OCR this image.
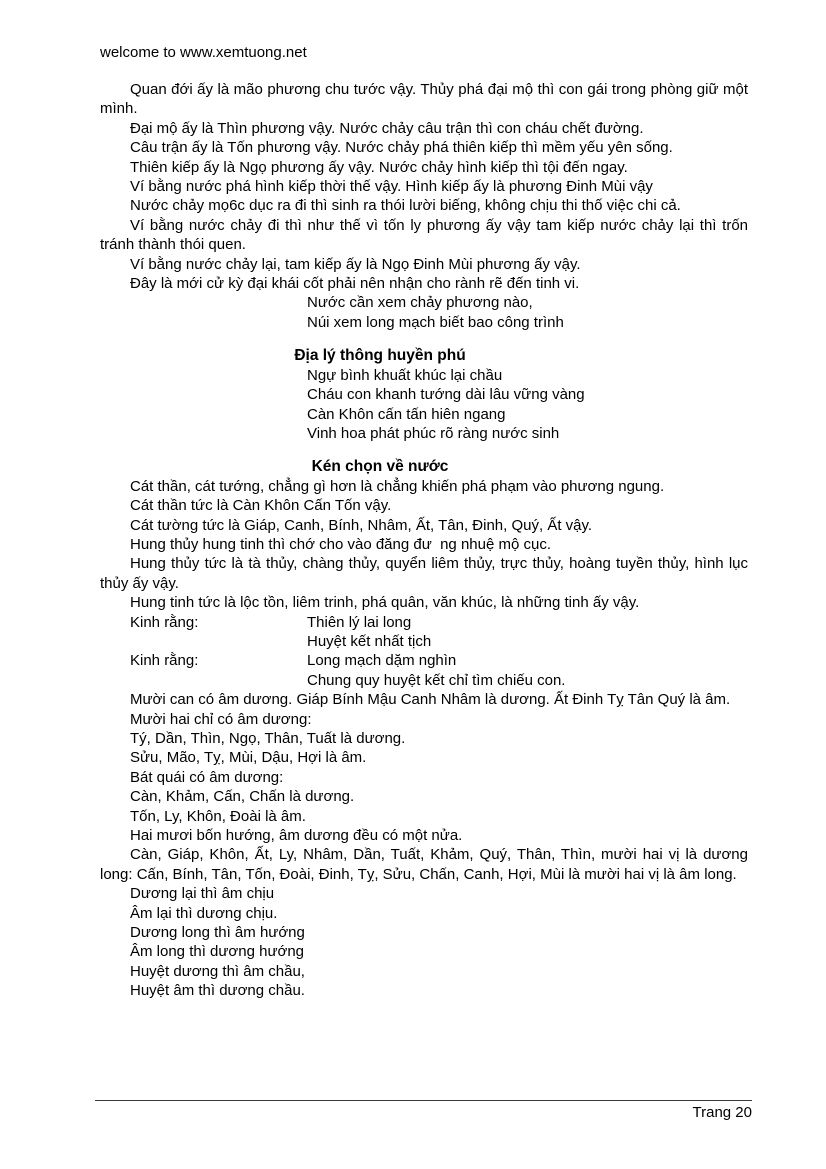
welcome to www.xemtuong.net

Quan đới ấy là mão phương chu tước vậy. Thủy phá đại mộ thì con gái trong phòng giữ một mình.

Đại mộ ấy là Thìn phương vậy. Nước chảy câu trận thì con cháu chết đường.

Câu trận ấy là Tốn phương vậy. Nước chảy phá thiên kiếp thì mềm yếu yên sống.

Thiên kiếp ấy là Ngọ phương ấy vậy. Nước chảy hình kiếp thì tội đến ngay.

Ví bằng nước phá hình kiếp thời thế vậy. Hình kiếp ấy là phương Đinh Mùi vậy

Nước chảy mọ6c dục ra đi thì sinh ra thói lười biếng, không chịu thi thố việc chi cả.

Ví bằng nước chảy đi thì như thế vì tốn ly phương ấy vậy tam kiếp nước chảy lại thì trốn tránh thành thói quen.

Ví bằng nước chảy lại, tam kiếp ấy là Ngọ Đinh Mùi phương ấy vậy.

Đây là mới cử kỳ đại khái cốt phải nên nhận cho rành rẽ đến tinh vi.

Nước cần xem chảy phương nào,
Núi xem long mạch biết bao công trình
Địa lý thông huyền phú
Ngự bình khuất khúc lại chầu
Cháu con khanh tướng dài lâu vững vàng
Càn Khôn cấn tấn hiên ngang
Vinh hoa phát phúc rõ ràng nước sinh
Kén chọn về nước

Cát thần, cát tướng, chẳng gì hơn là chẳng khiến phá phạm vào phương ngung.

Cát thần tức là Càn Khôn Cấn Tốn vậy.

Cát tường tức là Giáp, Canh, Bính, Nhâm, Ất, Tân, Đinh, Quý, Ất vậy.

Hung thủy hung tinh thì chớ cho vào đăng đư  ng nhuệ mộ cục.

Hung thủy tức là tà thủy, chàng thủy, quyển liêm thủy, trực thủy, hoàng tuyền thủy, hình lục thủy ấy vậy.

Hung tinh tức là lộc tồn, liêm trinh, phá quân, văn khúc, là những tinh ấy vậy.

Kinh rằng:	Thiên lý lai long
Huyệt kết nhất tịch
Kinh rằng:	Long mạch dặm nghìn
Chung quy huyệt kết chỉ tìm chiếu con.

Mười can có âm dương. Giáp Bính Mậu Canh Nhâm là dương. Ất Đinh Tỵ Tân Quý là âm.

Mười hai chỉ có âm dương:

Tý, Dần, Thìn, Ngọ, Thân, Tuất là dương.

Sửu, Mão, Tỵ, Mùi, Dậu, Hợi là âm.

Bát quái có âm dương:

Càn, Khảm, Cấn, Chấn là dương.

Tốn, Ly, Khôn, Đoài là âm.

Hai mươi bốn hướng, âm dương đều có một nửa.

Càn, Giáp, Khôn, Ất, Ly, Nhâm, Dần, Tuất, Khảm, Quý, Thân, Thìn, mười hai vị là dương long: Cấn, Bính, Tân, Tốn, Đoài, Đinh, Tỵ, Sửu, Chấn, Canh, Hợi, Mùi là mười hai vị là âm long.

Dương lại thì âm chịu

Âm lại thì dương chịu.

Dương long thì âm hướng

Âm long thì dương hướng

Huyệt dương thì âm chầu,

Huyệt âm thì dương chầu.

Trang 20
